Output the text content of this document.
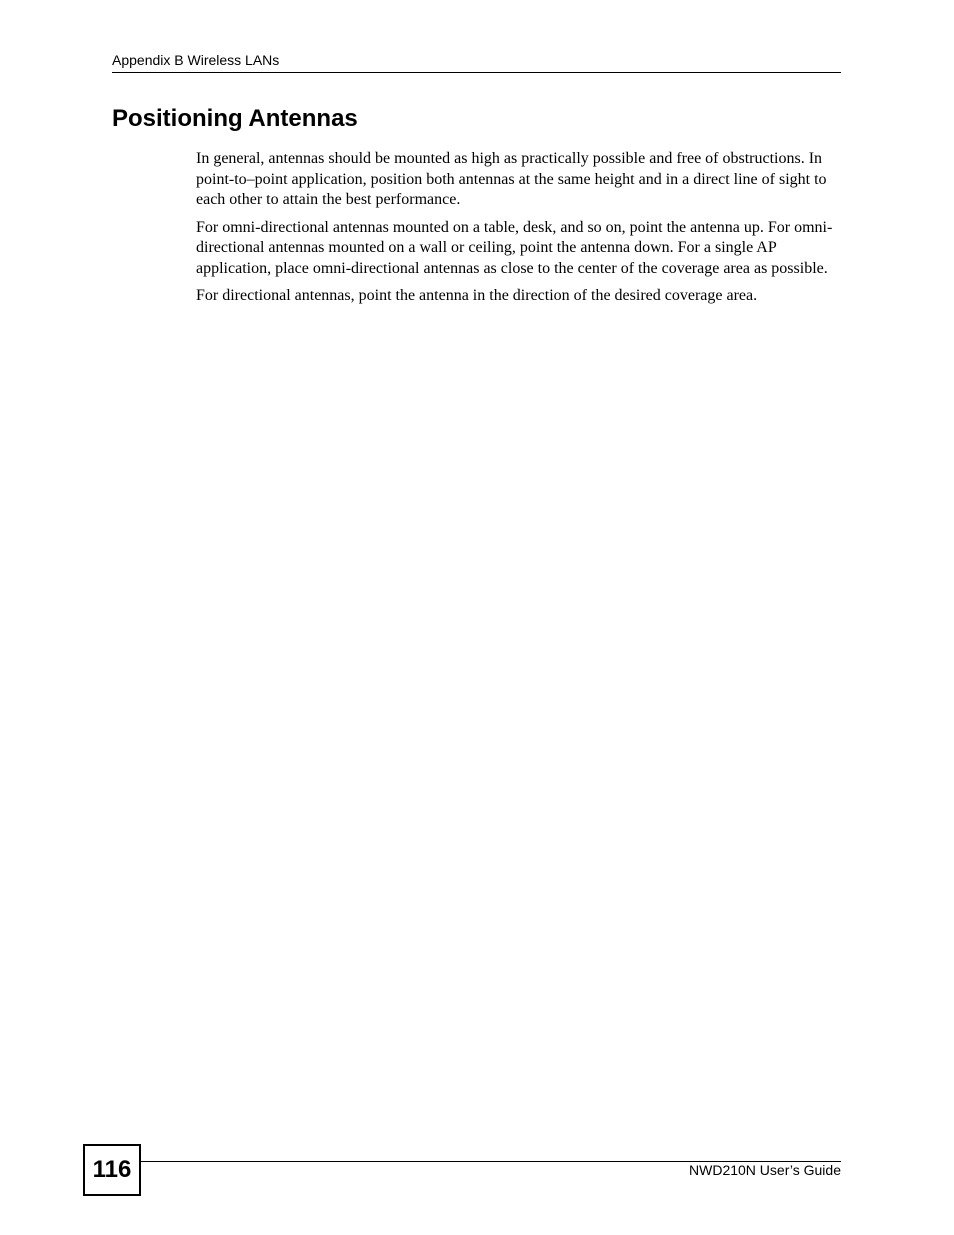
Appendix B Wireless LANs
Positioning Antennas

In general, antennas should be mounted as high as practically possible and free of obstructions. In point-to–point application, position both antennas at the same height and in a direct line of sight to each other to attain the best performance.

For omni-directional antennas mounted on a table, desk, and so on, point the antenna up. For omni-directional antennas mounted on a wall or ceiling, point the antenna down. For a single AP application, place omni-directional antennas as close to the center of the coverage area as possible.

For directional antennas, point the antenna in the direction of the desired coverage area.

116	NWD210N User’s Guide
